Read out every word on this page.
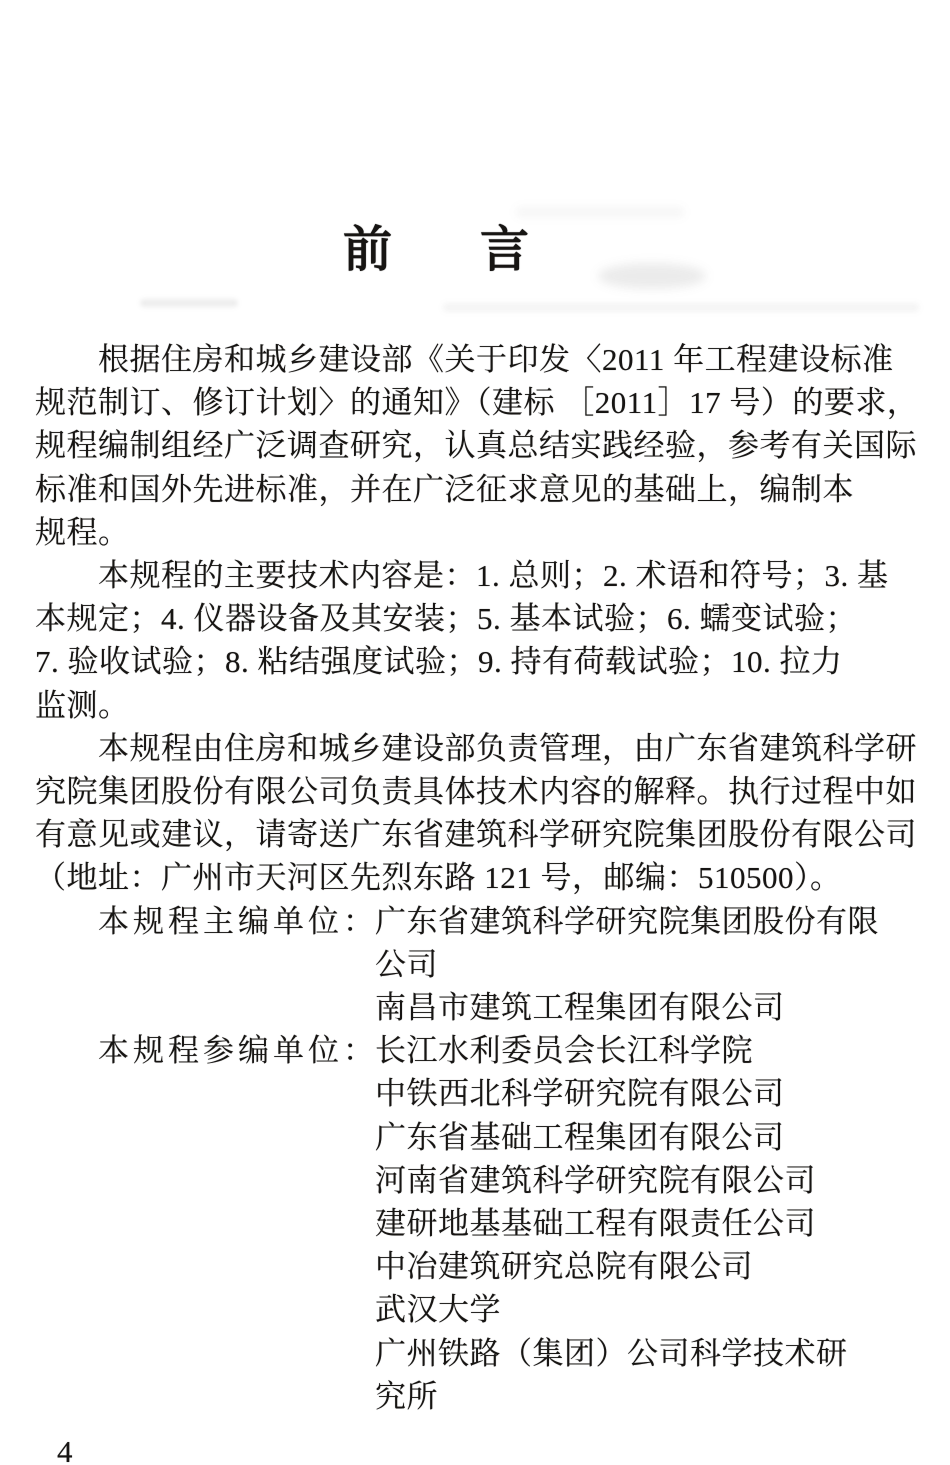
前 言
根据住房和城乡建设部《关于印发〈2011 年工程建设标准
规范制订、修订计划〉的通知》（建标 ［2011］17 号）的要求，
规程编制组经广泛调查研究，认真总结实践经验，参考有关国际
标准和国外先进标准，并在广泛征求意见的基础上，编制本
规程。
本规程的主要技术内容是：1. 总则；2. 术语和符号；3. 基
本规定；4. 仪器设备及其安装；5. 基本试验；6. 蠕变试验；
7. 验收试验；8. 粘结强度试验；9. 持有荷载试验；10. 拉力
监测。
本规程由住房和城乡建设部负责管理，由广东省建筑科学研
究院集团股份有限公司负责具体技术内容的解释。执行过程中如
有意见或建议，请寄送广东省建筑科学研究院集团股份有限公司
（地址：广州市天河区先烈东路 121 号，邮编：510500）。
本规程主编单位：广东省建筑科学研究院集团股份有限
公司
南昌市建筑工程集团有限公司
本规程参编单位：长江水利委员会长江科学院
中铁西北科学研究院有限公司
广东省基础工程集团有限公司
河南省建筑科学研究院有限公司
建研地基基础工程有限责任公司
中冶建筑研究总院有限公司
武汉大学
广州铁路（集团）公司科学技术研
究所
4
